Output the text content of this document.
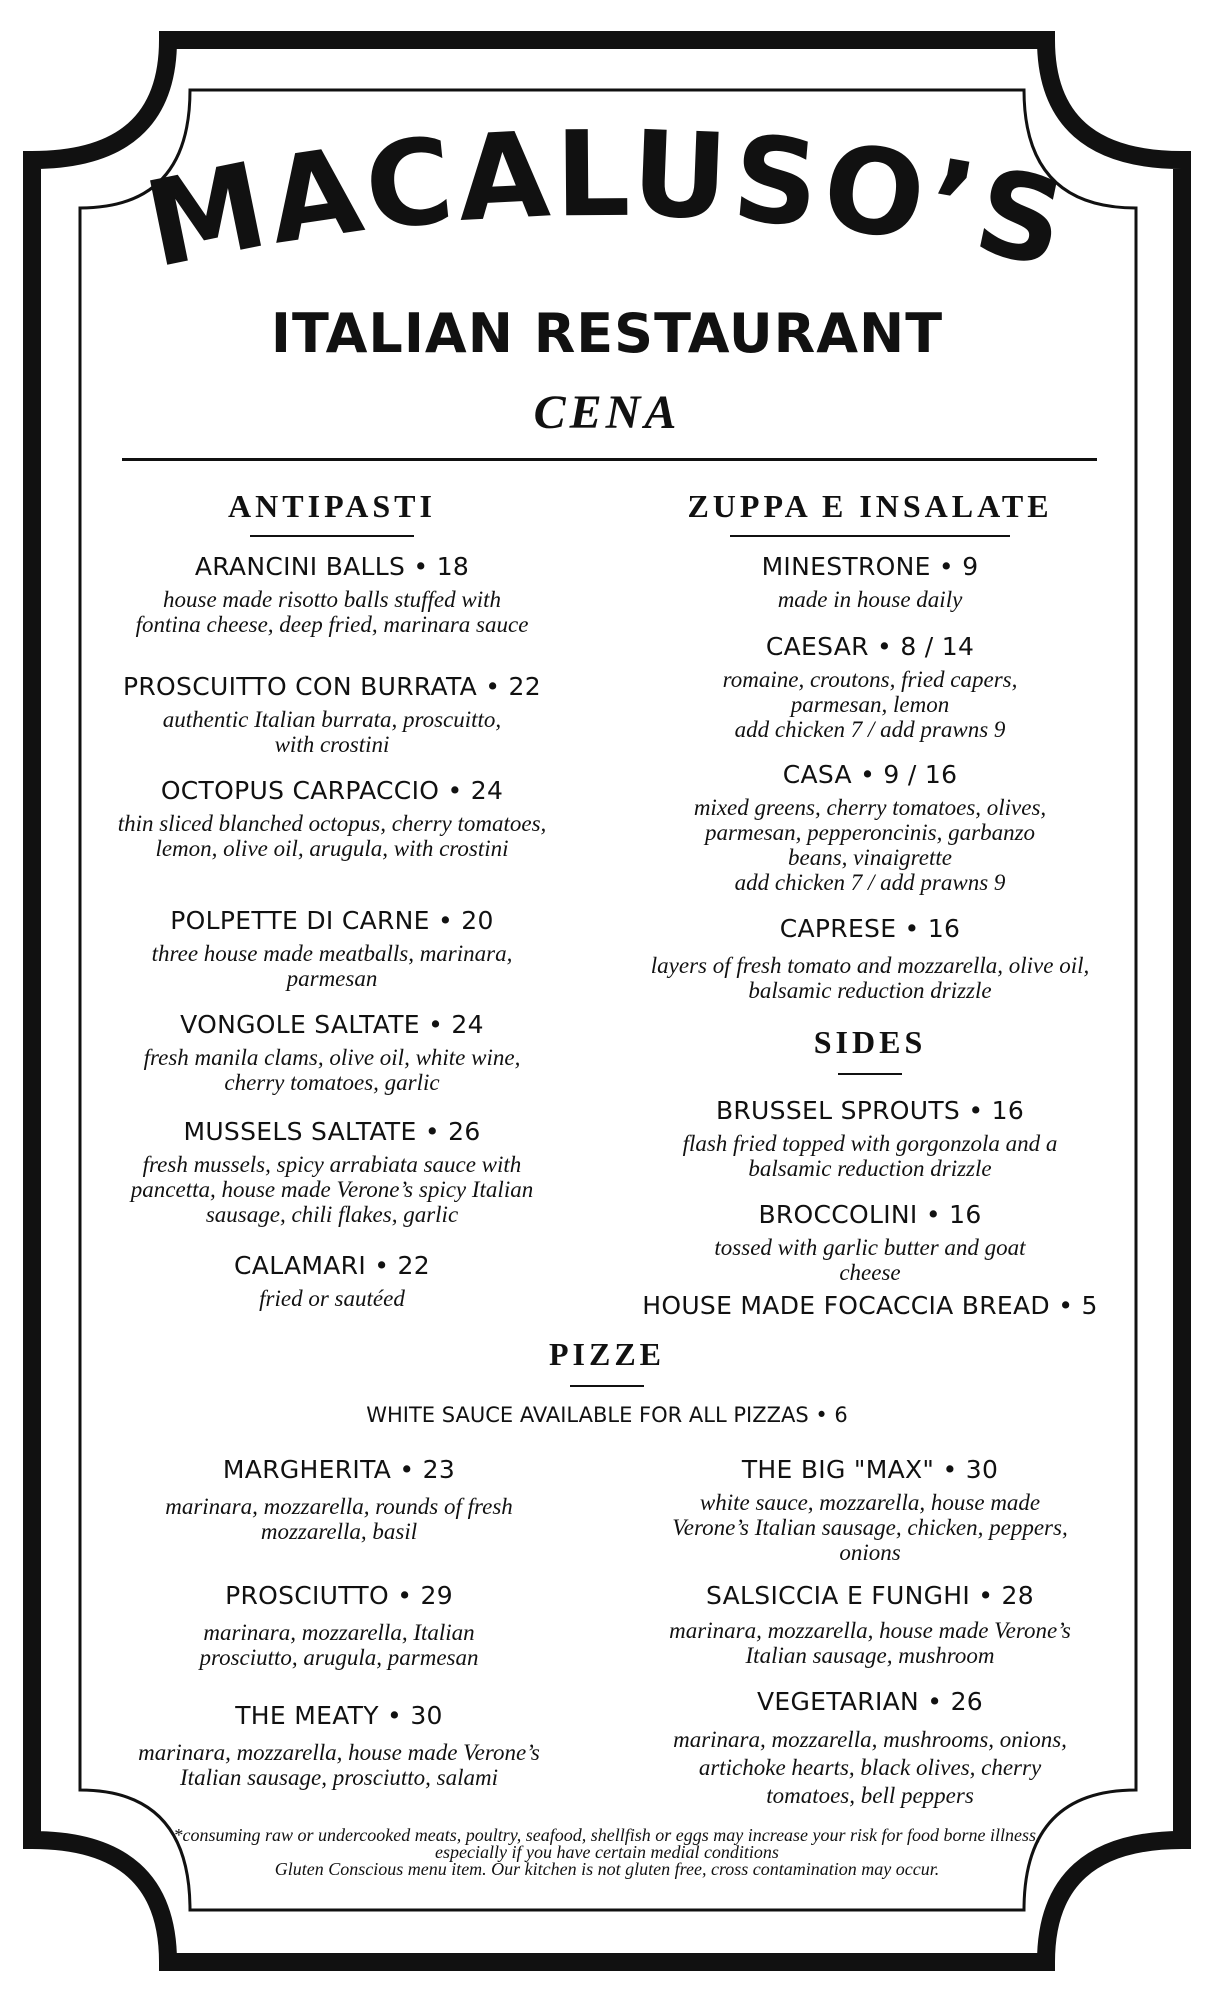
MACALUSO’S
ITALIAN RESTAURANT
CENA
ANTIPASTI
ARANCINI BALLS • 18
house made risotto balls stuffed with fontina cheese, deep fried, marinara sauce
PROSCUITTO CON BURRATA • 22
authentic Italian burrata, proscuitto, with crostini
OCTOPUS CARPACCIO • 24
thin sliced blanched octopus, cherry tomatoes, lemon, olive oil, arugula, with crostini
POLPETTE DI CARNE • 20
three house made meatballs, marinara, parmesan
VONGOLE SALTATE • 24
fresh manila clams, olive oil, white wine, cherry tomatoes, garlic
MUSSELS SALTATE • 26
fresh mussels, spicy arrabiata sauce with pancetta, house made Verone’s spicy Italian sausage, chili flakes, garlic
CALAMARI • 22
fried or sautéed
ZUPPA E INSALATE
MINESTRONE • 9
made in house daily
CAESAR • 8 / 14
romaine, croutons, fried capers, parmesan, lemon
add chicken 7 / add prawns 9
CASA • 9 / 16
mixed greens, cherry tomatoes, olives, parmesan, pepperoncinis, garbanzo beans, vinaigrette
add chicken 7 / add prawns 9
CAPRESE • 16
layers of fresh tomato and mozzarella, olive oil, balsamic reduction drizzle
SIDES
BRUSSEL SPROUTS • 16
flash fried topped with gorgonzola and a balsamic reduction drizzle
BROCCOLINI • 16
tossed with garlic butter and goat cheese
HOUSE MADE FOCACCIA BREAD • 5
PIZZE
WHITE SAUCE AVAILABLE FOR ALL PIZZAS • 6
MARGHERITA • 23
marinara, mozzarella, rounds of fresh mozzarella, basil
PROSCIUTTO • 29
marinara, mozzarella, Italian prosciutto, arugula, parmesan
THE MEATY • 30
marinara, mozzarella, house made Verone’s Italian sausage, prosciutto, salami
THE BIG "MAX" • 30
white sauce, mozzarella, house made Verone’s Italian sausage, chicken, peppers, onions
SALSICCIA E FUNGHI • 28
marinara, mozzarella, house made Verone’s Italian sausage, mushroom
VEGETARIAN • 26
marinara, mozzarella, mushrooms, onions, artichoke hearts, black olives, cherry tomatoes, bell peppers
*consuming raw or undercooked meats, poultry, seafood, shellfish or eggs may increase your risk for food borne illness, especially if you have certain medial conditions
Gluten Conscious menu item. Our kitchen is not gluten free, cross contamination may occur.
